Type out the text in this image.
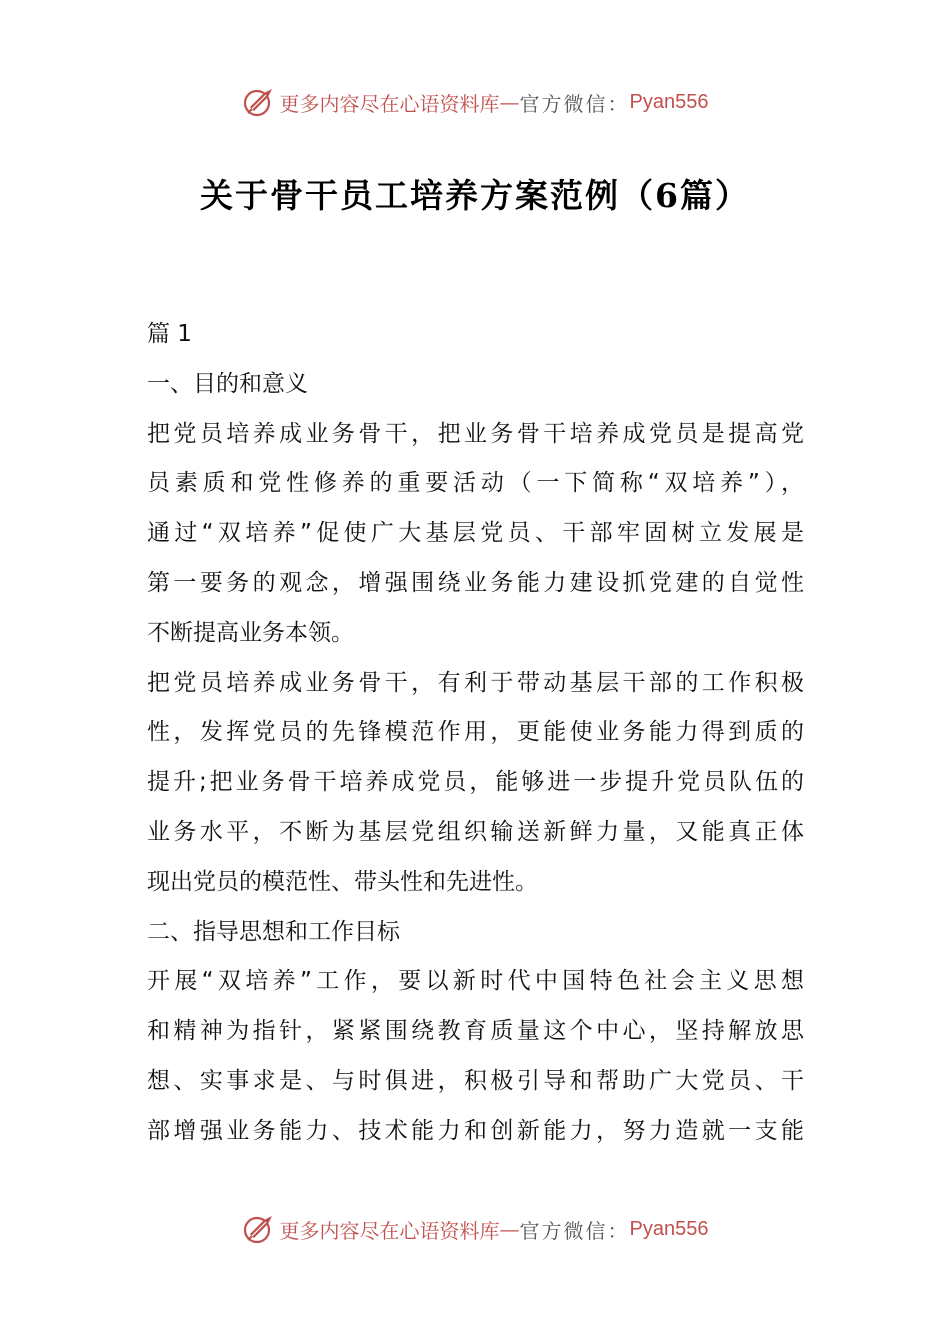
更多内容尽在心语资料库 — 官方微信： Pyan556
关于骨干员工培养方案范例（6篇）
篇 1
一、目的和意义
把党员培养成业务骨干，把业务骨干培养成党员是提高党
员素质和党性修养的重要活动（一下简称“双培养”），
通过“双培养”促使广大基层党员、干部牢固树立发展是
第一要务的观念，增强围绕业务能力建设抓党建的自觉性
不断提高业务本领。
把党员培养成业务骨干，有利于带动基层干部的工作积极
性，发挥党员的先锋模范作用，更能使业务能力得到质的
提升;把业务骨干培养成党员，能够进一步提升党员队伍的
业务水平，不断为基层党组织输送新鲜力量，又能真正体
现出党员的模范性、带头性和先进性。
二、指导思想和工作目标
开展“双培养”工作，要以新时代中国特色社会主义思想
和精神为指针，紧紧围绕教育质量这个中心，坚持解放思
想、实事求是、与时俱进，积极引导和帮助广大党员、干
部增强业务能力、技术能力和创新能力，努力造就一支能
更多内容尽在心语资料库 — 官方微信： Pyan556
